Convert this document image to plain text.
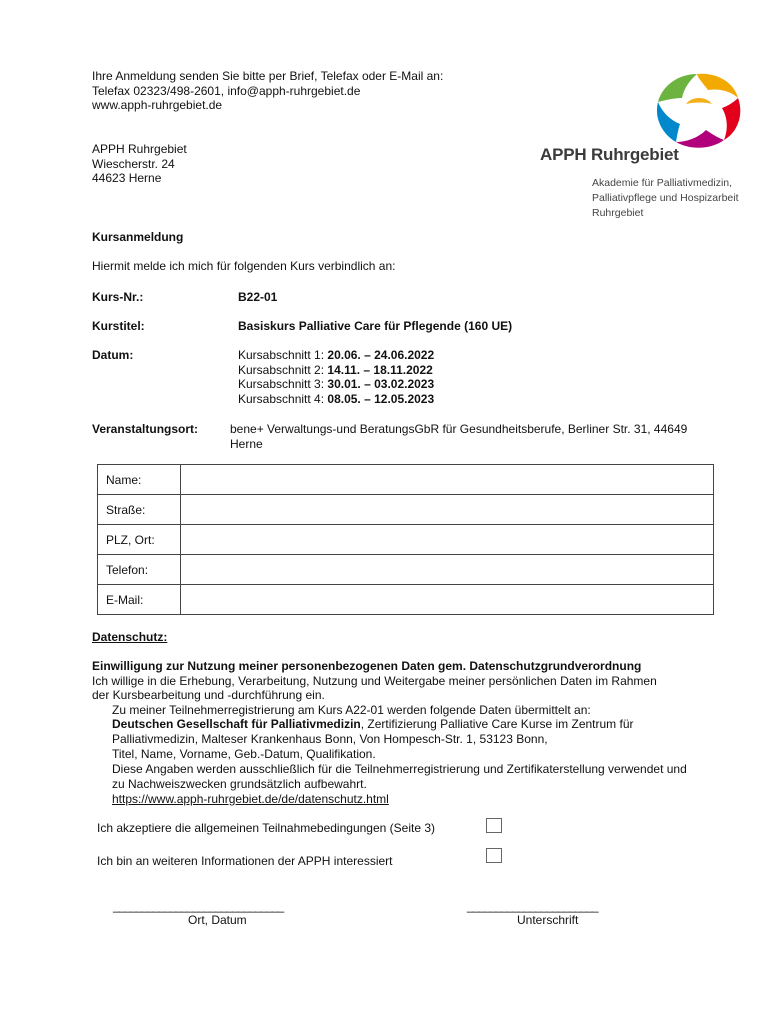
Ihre Anmeldung senden Sie bitte per Brief, Telefax oder E-Mail an:
Telefax 02323/498-2601, info@apph-ruhrgebiet.de
www.apph-ruhrgebiet.de
APPH Ruhrgebiet
Wiescherstr. 24
44623 Herne
APPH Ruhrgebiet
Akademie für Palliativmedizin,
Palliativpflege und Hospizarbeit
Ruhrgebiet
Kursanmeldung
Hiermit melde ich mich für folgenden Kurs verbindlich an:
Kurs-Nr.:	B22-01
Kurstitel:	Basiskurs Palliative Care für Pflegende (160 UE)
Datum:	Kursabschnitt 1: 20.06. – 24.06.2022
Kursabschnitt 2: 14.11. – 18.11.2022
Kursabschnitt 3: 30.01. – 03.02.2023
Kursabschnitt 4: 08.05. – 12.05.2023
Veranstaltungsort:	bene+ Verwaltungs-und BeratungsGbR für Gesundheitsberufe, Berliner Str. 31, 44649
Herne
Name:	
Straße:	
PLZ, Ort:	
Telefon:	
E-Mail:	
Datenschutz:
Einwilligung zur Nutzung meiner personenbezogenen Daten gem. Datenschutzgrundverordnung
Ich willige in die Erhebung, Verarbeitung, Nutzung und Weitergabe meiner persönlichen Daten im Rahmen
der Kursbearbeitung und -durchführung ein.
Zu meiner Teilnehmerregistrierung am Kurs A22-01 werden folgende Daten übermittelt an:
Deutschen Gesellschaft für Palliativmedizin, Zertifizierung Palliative Care Kurse im Zentrum für
Palliativmedizin, Malteser Krankenhaus Bonn, Von Hompesch-Str. 1, 53123 Bonn,
Titel, Name, Vorname, Geb.-Datum, Qualifikation.
Diese Angaben werden ausschließlich für die Teilnehmerregistrierung und Zertifikaterstellung verwendet und
zu Nachweiszwecken grundsätzlich aufbewahrt.
https://www.apph-ruhrgebiet.de/de/datenschutz.html
Ich akzeptiere die allgemeinen Teilnahmebedingungen (Seite 3)
Ich bin an weiteren Informationen der APPH interessiert
______________________________
Ort, Datum
_______________________
Unterschrift
